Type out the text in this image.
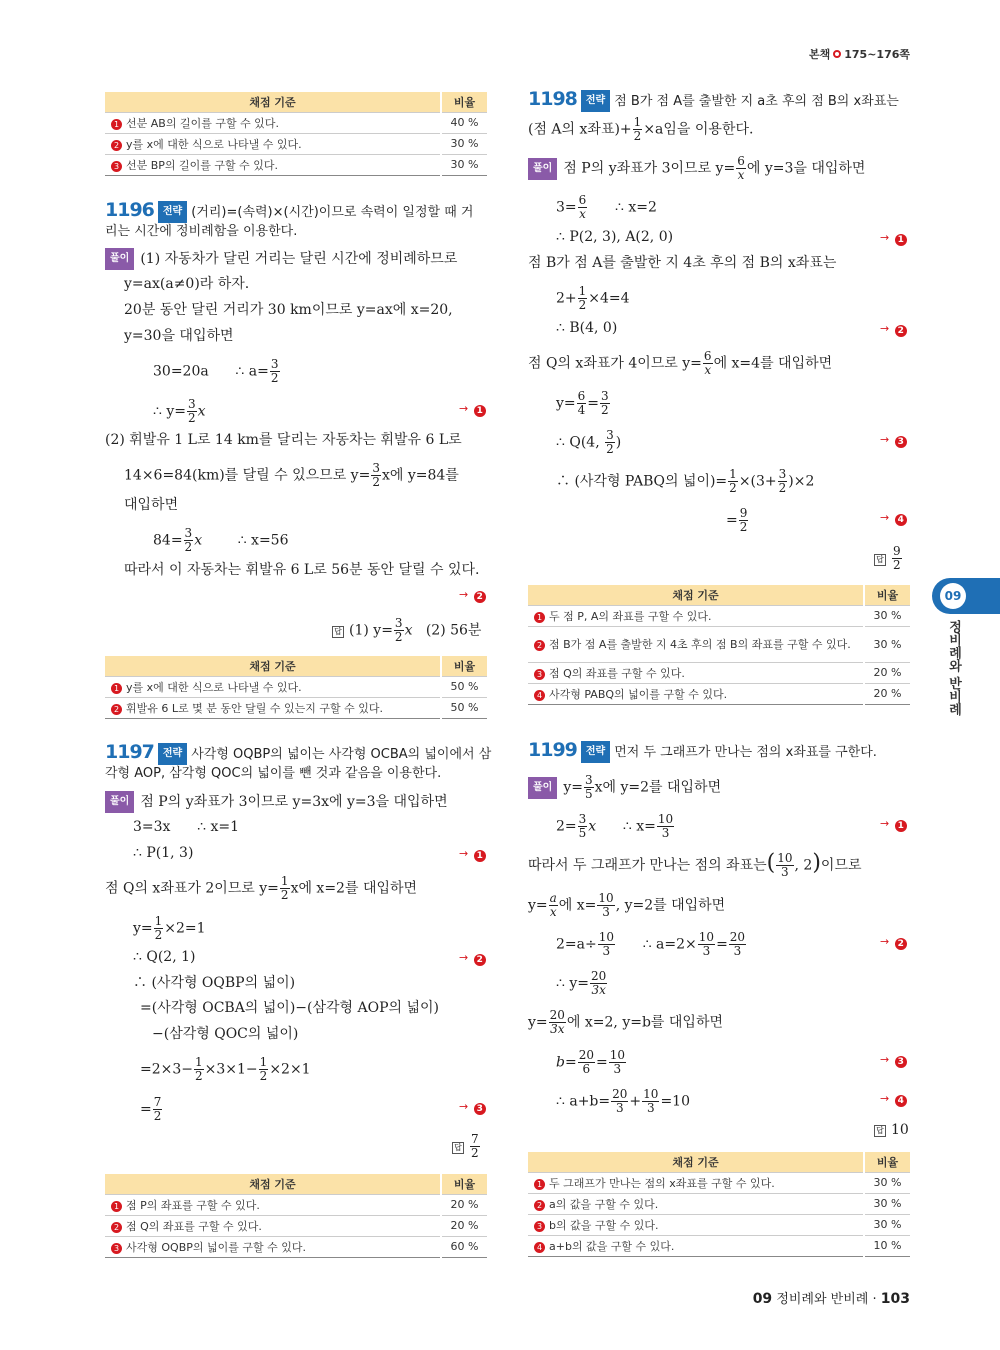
본책 175~176쪽
09
정비례와 반비례
채점 기준	비율
1 선분 AB의 길이를 구할 수 있다.	40 %
2 y를 x에 대한 식으로 나타낼 수 있다.	30 %
3 선분 BP의 길이를 구할 수 있다.	30 %
1196 전략 (거리)=(속력)×(시간)이므로 속력이 일정할 때 거
리는 시간에 정비례함을 이용한다.
풀이 (1) 자동차가 달린 거리는 달린 시간에 정비례하므로
y=ax(a≠0)라 하자.
20분 동안 달린 거리가 30 km이므로 y=ax에 x=20,
y=30을 대입하면
30=20a ∴ $a= \frac{3}{2}$
∴ $y= \frac{3}{2}$ x	→ 1
(2) 휘발유 1 L로 14 km를 달리는 자동차는 휘발유 6 L로
14×6=84(km)를 달릴 수 있으므로 $y= \frac{3}{2}$ x에 y=84를
대입하면
$84= \frac{3}{2}$ x	∴ x=56
따라서 이 자동차는 휘발유 6 L로 56분 동안 달릴 수 있다.
→ 2
답 (1) $y= \frac{3}{2}$ x (2) 56분
채점 기준	비율
1 y를 x에 대한 식으로 나타낼 수 있다.	50 %
2 휘발유 6 L로 몇 분 동안 달릴 수 있는지 구할 수 있다.	50 %
1197 전략 사각형 OQBP의 넓이는 사각형 OCBA의 넓이에서 삼
각형 AOP, 삼각형 QOC의 넓이를 뺀 것과 같음을 이용한다.
풀이 점 P의 y좌표가 3이므로 y=3x에 y=3을 대입하면
3=3x ∴ x=1
∴ P(1, 3)	→ 1
점 Q의 x좌표가 2이므로 $y= \frac{1}{2}$ x에 x=2를 대입하면
$y= \frac{1}{2} \times 2=1$
∴ Q(2, 1)	→ 2
∴ (사각형 OQBP의 넓이)
=(사각형 OCBA의 넓이)−(삼각형 AOP의 넓이)
−(삼각형 QOC의 넓이)
$=2\times 3- \frac{1}{2} \times 3\times 1- \frac{1}{2} \times 2\times 1$
= $\frac{7}{2}$	→ 3
답 $\frac{7}{2}$
채점 기준	비율
1 점 P의 좌표를 구할 수 있다.	20 %
2 점 Q의 좌표를 구할 수 있다.	20 %
3 사각형 OQBP의 넓이를 구할 수 있다.	60 %
1198 전략 점 B가 점 A를 출발한 지 a초 후의 점 B의 x좌표는
(점 A의 x좌표)+ $\frac{1}{2} \times a$임을 이용한다.
풀이 점 P의 y좌표가 3이므로 $y= \frac{6}{x}$ 에 y=3을 대입하면
$3= \frac{6}{x}$ ∴ x=2
∴ P(2, 3), A(2, 0)	→ 1
점 B가 점 A를 출발한 지 4초 후의 점 B의 x좌표는
$2+ \frac{1}{2} \times 4=4$
∴ B(4, 0)	→ 2
점 Q의 x좌표가 4이므로 $y= \frac{6}{x}$ 에 x=4를 대입하면
$y= \frac{6}{4} = \frac{3}{2}$
∴ Q(4, $\frac{3}{2}$ )	→ 3
∴ (사각형 PABQ의 넓이)= $\frac{1}{2} \times(3+ \frac{3}{2} )\times 2$
= $\frac{9}{2}$	→ 4
답 $\frac{9}{2}$
채점 기준	비율
1 두 점 P, A의 좌표를 구할 수 있다.	30 %
2 점 B가 점 A를 출발한 지 4초 후의 점 B의 좌표를 구할 수 있다.	30 %
3 점 Q의 좌표를 구할 수 있다.	20 %
4 사각형 PABQ의 넓이를 구할 수 있다.	20 %
1199 전략 먼저 두 그래프가 만나는 점의 x좌표를 구한다.
풀이 $y= \frac{3}{5}$ x에 y=2를 대입하면
$2= \frac{3}{5}$ x ∴ $x= \frac{10}{3}$	→ 1
따라서 두 그래프가 만나는 점의 좌표는( $\frac{10}{3}$ , 2)이므로
$y= \frac{a}{x}$ 에 $x= \frac{10}{3}$ , y=2를 대입하면
$2=a\div \frac{10}{3}$ ∴ $a=2\times \frac{10}{3} = \frac{20}{3}$	→ 2
∴ $y= \frac{20}{3x}$
$y= \frac{20}{3x}$ 에 x=2, y=b를 대입하면
$b= \frac{20}{6} = \frac{10}{3}$	→ 3
∴ $a+b= \frac{20}{3} + \frac{10}{3} =10$	→ 4
답 10
채점 기준	비율
1 두 그래프가 만나는 점의 x좌표를 구할 수 있다.	30 %
2 a의 값을 구할 수 있다.	30 %
3 b의 값을 구할 수 있다.	30 %
4 a+b의 값을 구할 수 있다.	10 %
09 정비례와 반비례 · 103
